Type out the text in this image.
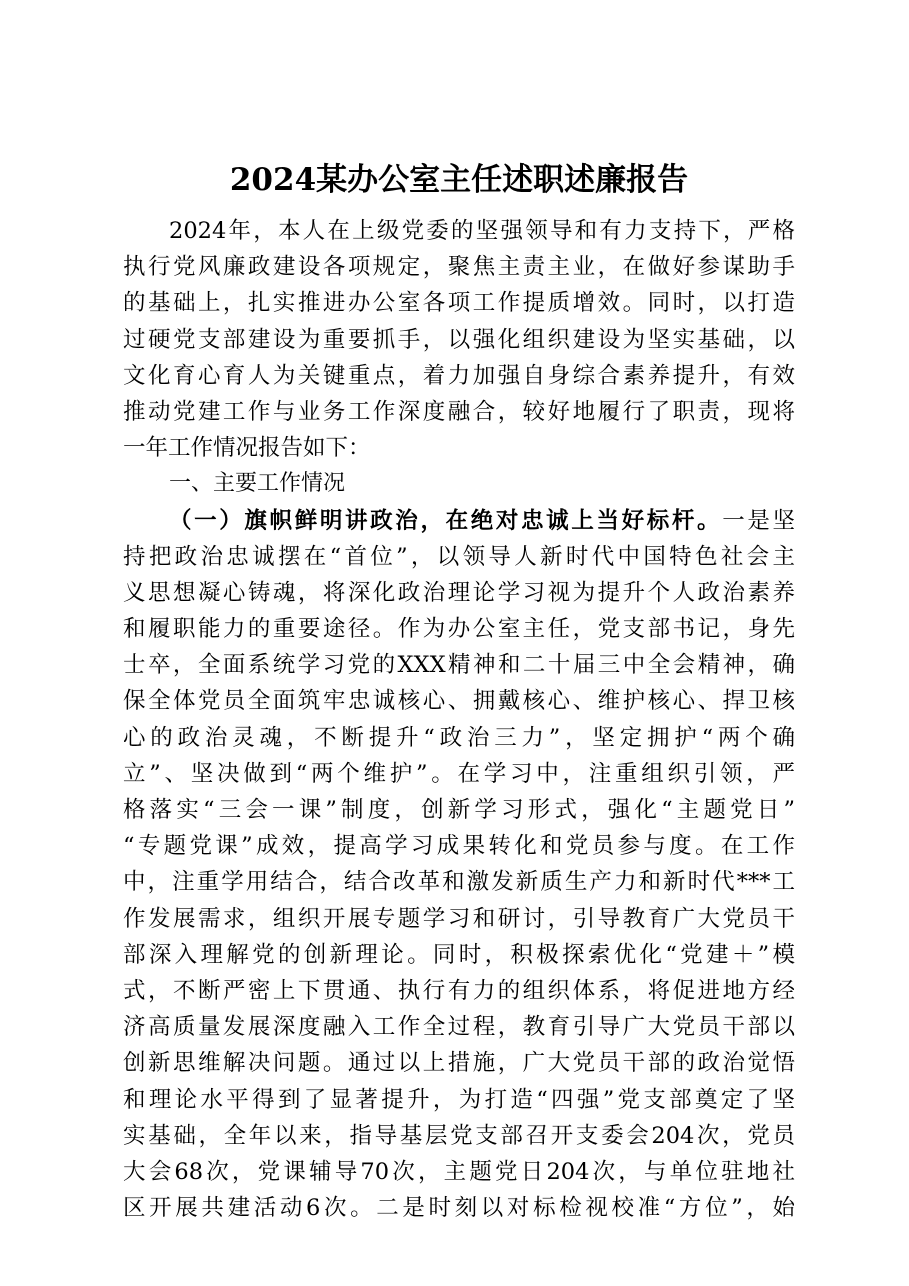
2024某办公室主任述职述廉报告
2024年，本人在上级党委的坚强领导和有力支持下，严格
执行党风廉政建设各项规定，聚焦主责主业，在做好参谋助手
的基础上，扎实推进办公室各项工作提质增效。同时，以打造
过硬党支部建设为重要抓手，以强化组织建设为坚实基础，以
文化育心育人为关键重点，着力加强自身综合素养提升，有效
推动党建工作与业务工作深度融合，较好地履行了职责，现将
一年工作情况报告如下：
一、主要工作情况
（一）旗帜鲜明讲政治，在绝对忠诚上当好标杆。一是坚
持把政治忠诚摆在“首位”，以领导人新时代中国特色社会主
义思想凝心铸魂，将深化政治理论学习视为提升个人政治素养
和履职能力的重要途径。作为办公室主任，党支部书记，身先
士卒，全面系统学习党的XXX精神和二十届三中全会精神，确
保全体党员全面筑牢忠诚核心、拥戴核心、维护核心、捍卫核
心的政治灵魂，不断提升“政治三力”，坚定拥护“两个确
立”、坚决做到“两个维护”。在学习中，注重组织引领，严
格落实“三会一课”制度，创新学习形式，强化“主题党日”
“专题党课”成效，提高学习成果转化和党员参与度。在工作
中，注重学用结合，结合改革和激发新质生产力和新时代***工
作发展需求，组织开展专题学习和研讨，引导教育广大党员干
部深入理解党的创新理论。同时，积极探索优化“党建＋”模
式，不断严密上下贯通、执行有力的组织体系，将促进地方经
济高质量发展深度融入工作全过程，教育引导广大党员干部以
创新思维解决问题。通过以上措施，广大党员干部的政治觉悟
和理论水平得到了显著提升，为打造“四强”党支部奠定了坚
实基础，全年以来，指导基层党支部召开支委会204次，党员
大会68次，党课辅导70次，主题党日204次，与单位驻地社
区开展共建活动6次。二是时刻以对标检视校准“方位”，始
